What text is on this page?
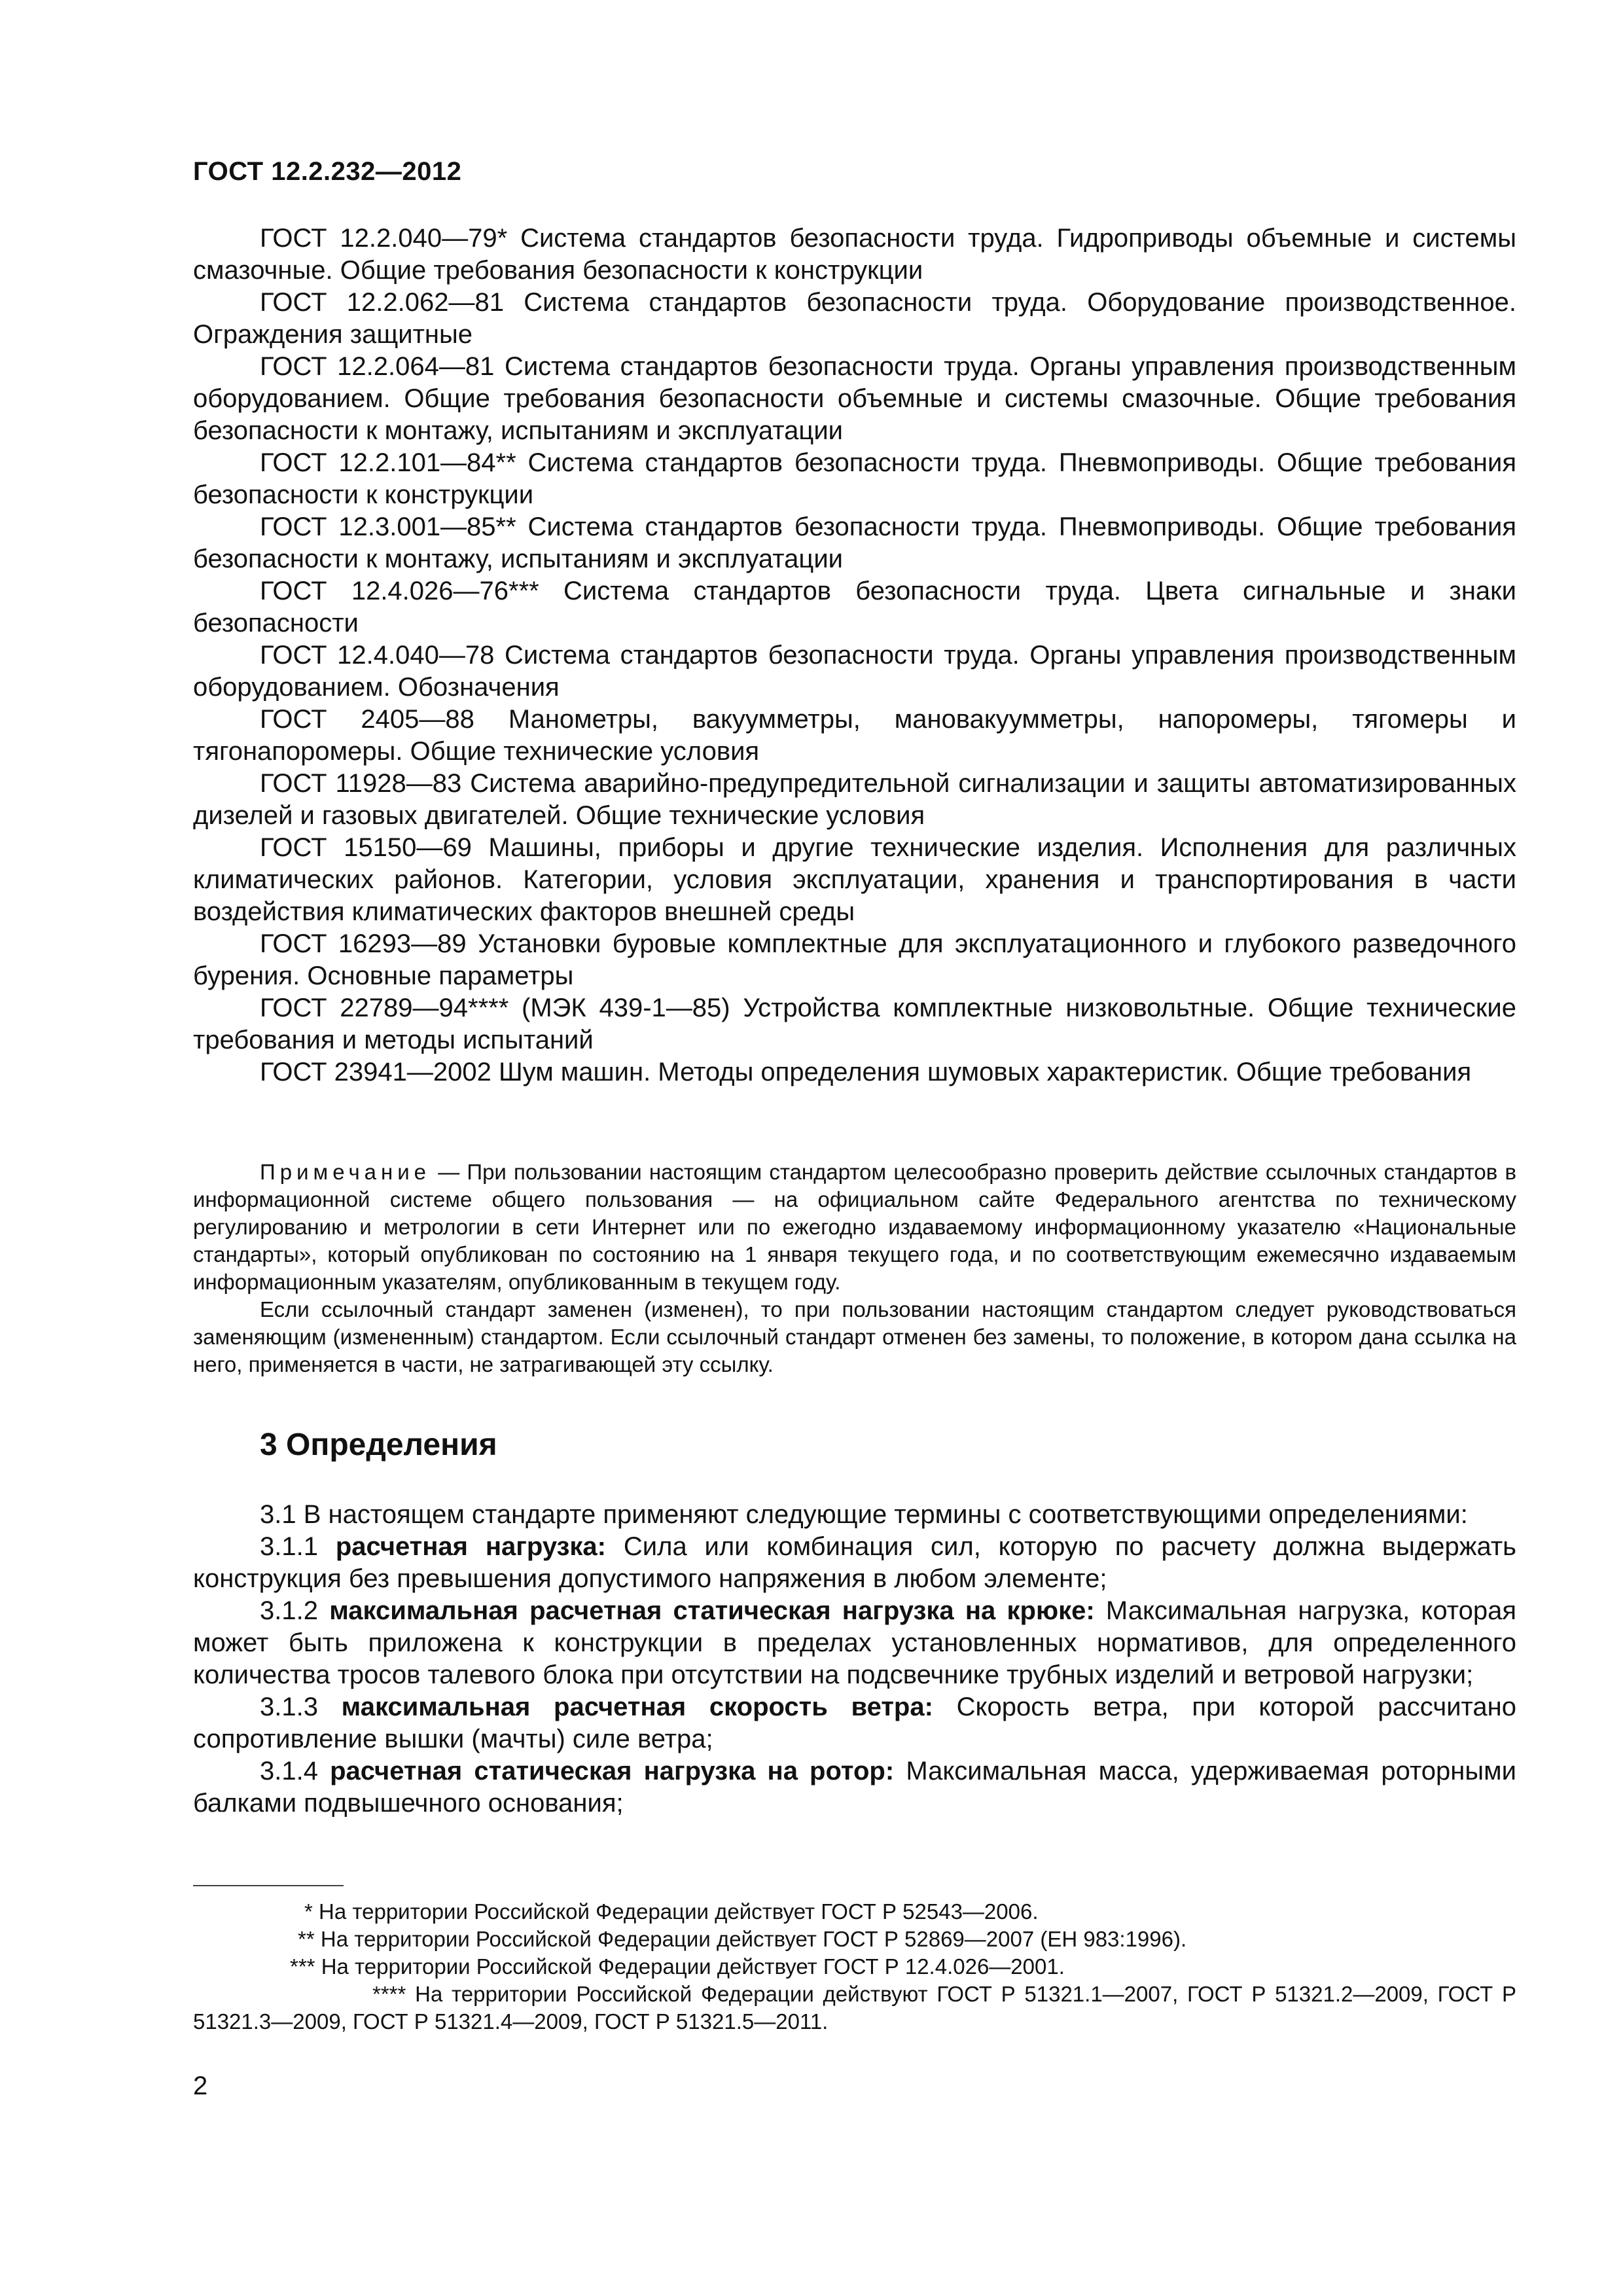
ГОСТ 12.2.232—2012

ГОСТ 12.2.040—79* Система стандартов безопасности труда. Гидроприводы объемные и системы смазочные. Общие требования безопасности к конструкции

ГОСТ 12.2.062—81 Система стандартов безопасности труда. Оборудование производственное. Ограждения защитные

ГОСТ 12.2.064—81 Система стандартов безопасности труда. Органы управления производственным оборудованием. Общие требования безопасности объемные и системы смазочные. Общие требования безопасности к монтажу, испытаниям и эксплуатации

ГОСТ 12.2.101—84** Система стандартов безопасности труда. Пневмоприводы. Общие требования безопасности к конструкции

ГОСТ 12.3.001—85** Система стандартов безопасности труда. Пневмоприводы. Общие требования безопасности к монтажу, испытаниям и эксплуатации

ГОСТ 12.4.026—76*** Система стандартов безопасности труда. Цвета сигнальные и знаки безопасности

ГОСТ 12.4.040—78 Система стандартов безопасности труда. Органы управления производственным оборудованием. Обозначения

ГОСТ 2405—88 Манометры, вакуумметры, мановакуумметры, напоромеры, тягомеры и тягонапоромеры. Общие технические условия

ГОСТ 11928—83 Система аварийно-предупредительной сигнализации и защиты автоматизированных дизелей и газовых двигателей. Общие технические условия

ГОСТ 15150—69 Машины, приборы и другие технические изделия. Исполнения для различных климатических районов. Категории, условия эксплуатации, хранения и транспортирования в части воздействия климатических факторов внешней среды

ГОСТ 16293—89 Установки буровые комплектные для эксплуатационного и глубокого разведочного бурения. Основные параметры

ГОСТ 22789—94**** (МЭК 439-1—85) Устройства комплектные низковольтные. Общие технические требования и методы испытаний

ГОСТ 23941—2002 Шум машин. Методы определения шумовых характеристик. Общие требования

Примечание — При пользовании настоящим стандартом целесообразно проверить действие ссылочных стандартов в информационной системе общего пользования — на официальном сайте Федерального агентства по техническому регулированию и метрологии в сети Интернет или по ежегодно издаваемому информационному указателю «Национальные стандарты», который опубликован по состоянию на 1 января текущего года, и по соответствующим ежемесячно издаваемым информационным указателям, опубликованным в текущем году.

Если ссылочный стандарт заменен (изменен), то при пользовании настоящим стандартом следует руководствоваться заменяющим (измененным) стандартом. Если ссылочный стандарт отменен без замены, то положение, в котором дана ссылка на него, применяется в части, не затрагивающей эту ссылку.

3 Определения

3.1 В настоящем стандарте применяют следующие термины с соответствующими определениями:

3.1.1 расчетная нагрузка: Сила или комбинация сил, которую по расчету должна выдержать конструкция без превышения допустимого напряжения в любом элементе;

3.1.2 максимальная расчетная статическая нагрузка на крюке: Максимальная нагрузка, которая может быть приложена к конструкции в пределах установленных нормативов, для определенного количества тросов талевого блока при отсутствии на подсвечнике трубных изделий и ветровой нагрузки;

3.1.3 максимальная расчетная скорость ветра: Скорость ветра, при которой рассчитано сопротивление вышки (мачты) силе ветра;

3.1.4 расчетная статическая нагрузка на ротор: Максимальная масса, удерживаемая роторными балками подвышечного основания;

* На территории Российской Федерации действует ГОСТ Р 52543—2006.

** На территории Российской Федерации действует ГОСТ Р 52869—2007 (ЕН 983:1996).

*** На территории Российской Федерации действует ГОСТ Р 12.4.026—2001.

**** На территории Российской Федерации действуют ГОСТ Р 51321.1—2007, ГОСТ Р 51321.2—2009, ГОСТ Р 51321.3—2009, ГОСТ Р 51321.4—2009, ГОСТ Р 51321.5—2011.

2
